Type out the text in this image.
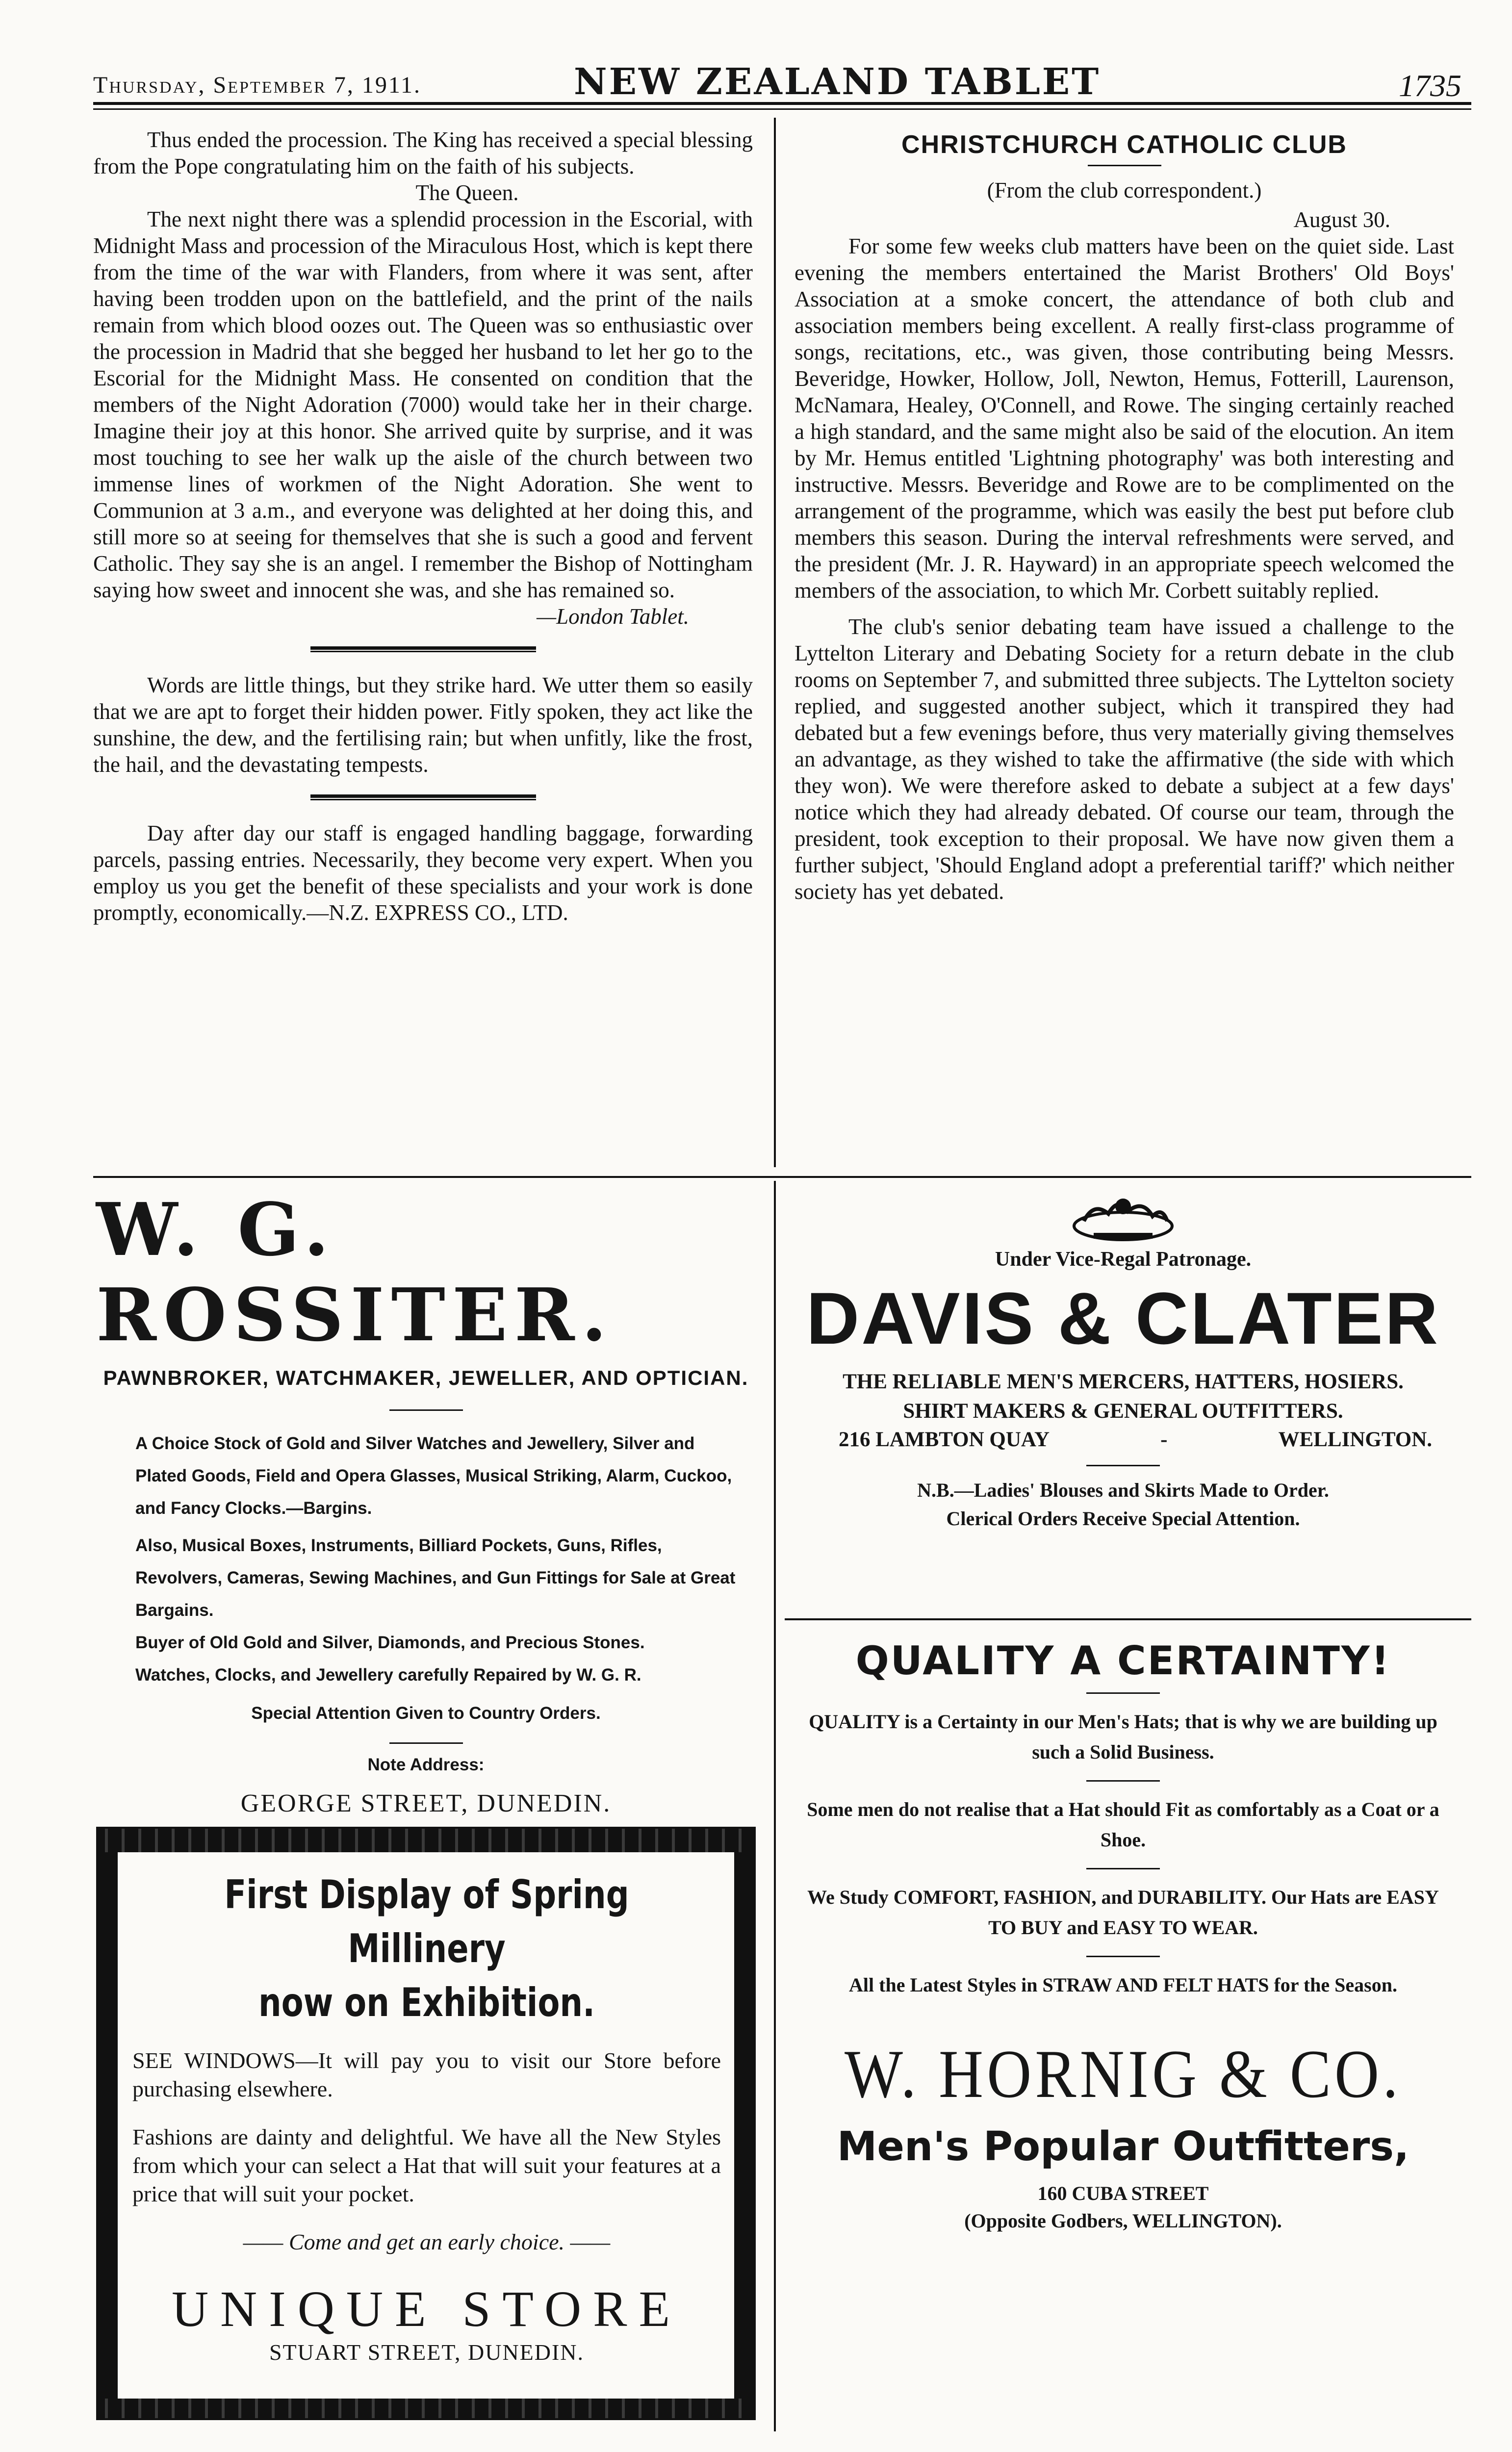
Thursday, September 7, 1911.	NEW ZEALAND TABLET	1735

Thus ended the procession. The King has received a special blessing from the Pope congratulating him on the faith of his subjects.

The Queen.

The next night there was a splendid procession in the Escorial, with Midnight Mass and procession of the Miraculous Host, which is kept there from the time of the war with Flanders, from where it was sent, after having been trodden upon on the battlefield, and the print of the nails remain from which blood oozes out. The Queen was so enthusiastic over the procession in Madrid that she begged her husband to let her go to the Escorial for the Midnight Mass. He consented on condition that the members of the Night Adoration (7000) would take her in their charge. Imagine their joy at this honor. She arrived quite by surprise, and it was most touching to see her walk up the aisle of the church between two immense lines of workmen of the Night Adoration. She went to Communion at 3 a.m., and everyone was delighted at her doing this, and still more so at seeing for themselves that she is such a good and fervent Catholic. They say she is an angel. I remember the Bishop of Nottingham saying how sweet and innocent she was, and she has remained so.

—London Tablet.

Words are little things, but they strike hard. We utter them so easily that we are apt to forget their hidden power. Fitly spoken, they act like the sunshine, the dew, and the fertilising rain; but when unfitly, like the frost, the hail, and the devastating tempests.

Day after day our staff is engaged handling baggage, forwarding parcels, passing entries. Necessarily, they become very expert. When you employ us you get the benefit of these specialists and your work is done promptly, economically.—N.Z. EXPRESS CO., LTD.

CHRISTCHURCH CATHOLIC CLUB
(From the club correspondent.)
August 30.

For some few weeks club matters have been on the quiet side. Last evening the members entertained the Marist Brothers' Old Boys' Association at a smoke concert, the attendance of both club and association members being excellent. A really first-class programme of songs, recitations, etc., was given, those contributing being Messrs. Beveridge, Howker, Hollow, Joll, Newton, Hemus, Fotterill, Laurenson, McNamara, Healey, O'Connell, and Rowe. The singing certainly reached a high standard, and the same might also be said of the elocution. An item by Mr. Hemus entitled 'Lightning photography' was both interesting and instructive. Messrs. Beveridge and Rowe are to be complimented on the arrangement of the programme, which was easily the best put before club members this season. During the interval refreshments were served, and the president (Mr. J. R. Hayward) in an appropriate speech welcomed the members of the association, to which Mr. Corbett suitably replied.

The club's senior debating team have issued a challenge to the Lyttelton Literary and Debating Society for a return debate in the club rooms on September 7, and submitted three subjects. The Lyttelton society replied, and suggested another subject, which it transpired they had debated but a few evenings before, thus very materially giving themselves an advantage, as they wished to take the affirmative (the side with which they won). We were therefore asked to debate a subject at a few days' notice which they had already debated. Of course our team, through the president, took exception to their proposal. We have now given them a further subject, 'Should England adopt a preferential tariff?' which neither society has yet debated.

W. G. ROSSITER.
PAWNBROKER, WATCHMAKER, JEWELLER, AND OPTICIAN.
A Choice Stock of Gold and Silver Watches and Jewellery, Silver and Plated Goods, Field and Opera Glasses, Musical Striking, Alarm, Cuckoo, and Fancy Clocks.—Bargins.
Also, Musical Boxes, Instruments, Billiard Pockets, Guns, Rifles, Revolvers, Cameras, Sewing Machines, and Gun Fittings for Sale at Great Bargains.
Buyer of Old Gold and Silver, Diamonds, and Precious Stones.
Watches, Clocks, and Jewellery carefully Repaired by W. G. R.
Special Attention Given to Country Orders.
Note Address:
GEORGE STREET, DUNEDIN.
First Display of Spring Millinery
now on Exhibition.
SEE WINDOWS—It will pay you to visit our Store before purchasing elsewhere.
Fashions are dainty and delightful. We have all the New Styles from which your can select a Hat that will suit your features at a price that will suit your pocket.
—— Come and get an early choice. ——
UNIQUE STORE
STUART STREET, DUNEDIN.
Under Vice-Regal Patronage.
DAVIS & CLATER
THE RELIABLE MEN'S MERCERS, HATTERS, HOSIERS.
SHIRT MAKERS & GENERAL OUTFITTERS.
216 LAMBTON QUAY	-	WELLINGTON.
N.B.—Ladies' Blouses and Skirts Made to Order.
Clerical Orders Receive Special Attention.
QUALITY A CERTAINTY!
QUALITY is a Certainty in our Men's Hats; that is why we are building up such a Solid Business.
Some men do not realise that a Hat should Fit as comfortably as a Coat or a Shoe.
We Study COMFORT, FASHION, and DURABILITY. Our Hats are EASY TO BUY and EASY TO WEAR.
All the Latest Styles in STRAW AND FELT HATS for the Season.
W. HORNIG & CO.
Men's Popular Outfitters,
160 CUBA STREET
(Opposite Godbers, WELLINGTON).
